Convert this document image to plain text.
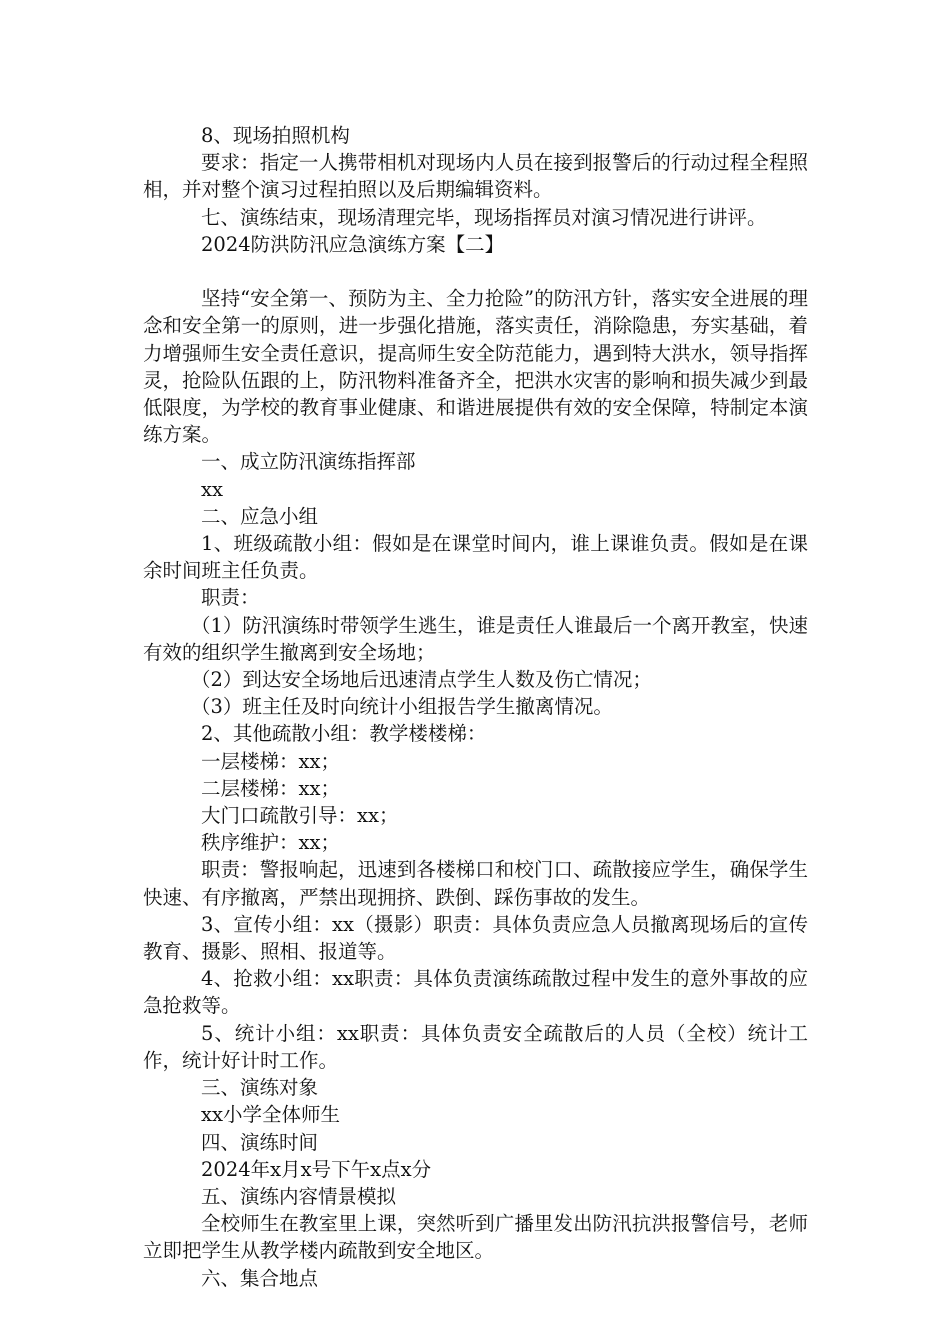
8、现场拍照机构

要求：指定一人携带相机对现场内人员在接到报警后的行动过程全程照相，并对整个演习过程拍照以及后期编辑资料。

七、演练结束，现场清理完毕，现场指挥员对演习情况进行讲评。

2024防洪防汛应急演练方案【二】

坚持“安全第一、预防为主、全力抢险”的防汛方针，落实安全进展的理念和安全第一的原则，进一步强化措施，落实责任，消除隐患，夯实基础，着力增强师生安全责任意识，提高师生安全防范能力，遇到特大洪水，领导指挥灵，抢险队伍跟的上，防汛物料准备齐全，把洪水灾害的影响和损失减少到最低限度，为学校的教育事业健康、和谐进展提供有效的安全保障，特制定本演练方案。

一、成立防汛演练指挥部

xx

二、应急小组

1、班级疏散小组：假如是在课堂时间内，谁上课谁负责。假如是在课余时间班主任负责。

职责：

（1）防汛演练时带领学生逃生，谁是责任人谁最后一个离开教室，快速有效的组织学生撤离到安全场地；

（2）到达安全场地后迅速清点学生人数及伤亡情况；

（3）班主任及时向统计小组报告学生撤离情况。

2、其他疏散小组：教学楼楼梯：

一层楼梯：xx；

二层楼梯：xx；

大门口疏散引导：xx；

秩序维护：xx；

职责：警报响起，迅速到各楼梯口和校门口、疏散接应学生，确保学生快速、有序撤离，严禁出现拥挤、跌倒、踩伤事故的发生。

3、宣传小组：xx（摄影）职责：具体负责应急人员撤离现场后的宣传教育、摄影、照相、报道等。

4、抢救小组：xx职责：具体负责演练疏散过程中发生的意外事故的应急抢救等。

5、统计小组：xx职责：具体负责安全疏散后的人员（全校）统计工作，统计好计时工作。

三、演练对象

xx小学全体师生

四、演练时间

2024年x月x号下午x点x分

五、演练内容情景模拟

全校师生在教室里上课，突然听到广播里发出防汛抗洪报警信号，老师立即把学生从教学楼内疏散到安全地区。

六、集合地点
